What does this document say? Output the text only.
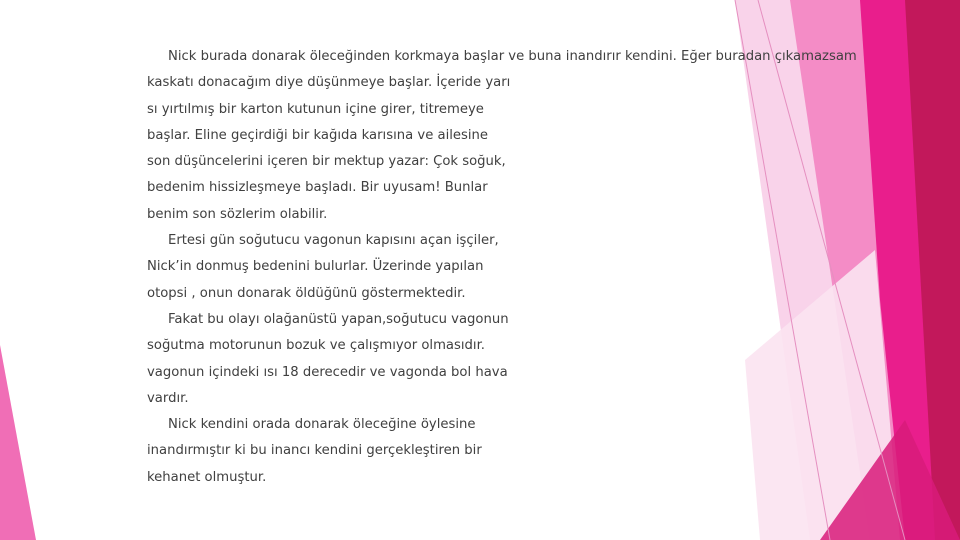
Nick burada donarak öleceğinden korkmaya başlar ve buna inandırır kendini. Eğer buradan çıkamazsam
kaskatı donacağım diye düşünmeye başlar. İçeride yarı
sı yırtılmış bir karton kutunun içine girer, titremeye
başlar. Eline geçirdiği bir kağıda karısına ve ailesine
son düşüncelerini içeren bir mektup yazar: Çok soğuk,
bedenim hissizleşmeye başladı. Bir uyusam! Bunlar
benim son sözlerim olabilir.
Ertesi gün soğutucu vagonun kapısını açan işçiler,
Nick’in donmuş bedenini bulurlar. Üzerinde yapılan
otopsi , onun donarak öldüğünü göstermektedir.
Fakat bu olayı olağanüstü yapan,soğutucu vagonun
soğutma motorunun bozuk ve çalışmıyor olmasıdır.
vagonun içindeki ısı 18 derecedir ve vagonda bol hava
vardır.
Nick kendini orada donarak öleceğine öylesine
inandırmıştır ki bu inancı kendini gerçekleştiren bir
kehanet olmuştur.
